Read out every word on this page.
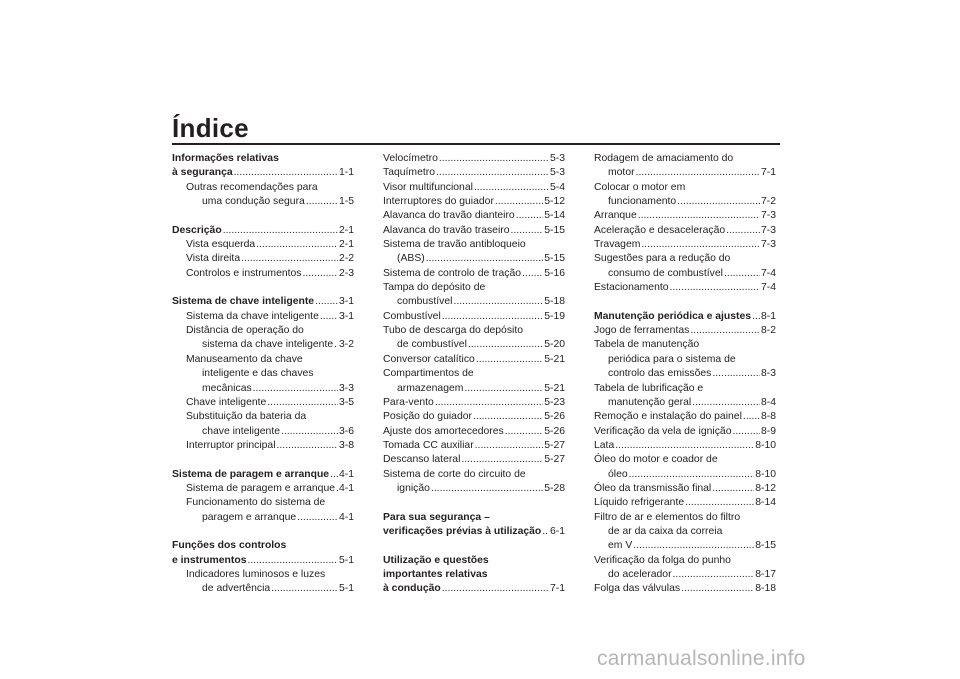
Índice
Informações relativas
à segurança .....	1-1
Outras recomendações para
uma condução segura .....	1-5
Descrição .....	2-1
Vista esquerda .....	2-1
Vista direita .....	2-2
Controlos e instrumentos .....	2-3
Sistema de chave inteligente ..... 3-1
Sistema da chave inteligente ..... 3-1
Distância de operação do
sistema da chave inteligente ..... 3-2
Manuseamento da chave
inteligente e das chaves
mecânicas .....	3-3
Chave inteligente .....	3-5
Substituição da bateria da
chave inteligente .....	3-6
Interruptor principal .....	3-8
Sistema de paragem e arranque ..... 4-1
Sistema de paragem e arranque ..... 4-1
Funcionamento do sistema de
paragem e arranque .....	4-1
Funções dos controlos
e instrumentos .....	5-1
Indicadores luminosos e luzes
de advertência .....	5-1
Velocímetro .....	5-3
Taquímetro .....	5-3
Visor multifuncional .....	5-4
Interruptores do guiador .....	5-12
Alavanca do travão dianteiro .....	5-14
Alavanca do travão traseiro .....	5-15
Sistema de travão antibloqueio
(ABS) .....	5-15
Sistema de controlo de tração ..... 5-16
Tampa do depósito de
combustível .....	5-18
Combustível .....	5-19
Tubo de descarga do depósito
de combustível .....	5-20
Conversor catalítico .....	5-21
Compartimentos de
armazenagem .....	5-21
Para-vento .....	5-23
Posição do guiador .....	5-26
Ajuste dos amortecedores .....	5-26
Tomada CC auxiliar .....	5-27
Descanso lateral .....	5-27
Sistema de corte do circuito de
ignição .....	5-28
Para sua segurança –
verificações prévias à utilização ..... 6-1
Utilização e questões
importantes relativas
à condução .....	7-1
Rodagem de amaciamento do
motor .....	7-1
Colocar o motor em
funcionamento .....	7-2
Arranque .....	7-3
Aceleração e desaceleração .....	7-3
Travagem .....	7-3
Sugestões para a redução do
consumo de combustível .....	7-4
Estacionamento .....	7-4
Manutenção periódica e ajustes ..... 8-1
Jogo de ferramentas .....	8-2
Tabela de manutenção
periódica para o sistema de
controlo das emissões .....	8-3
Tabela de lubrificação e
manutenção geral .....	8-4
Remoção e instalação do painel ..... 8-8
Verificação da vela de ignição .....	8-9
Lata .....	8-10
Óleo do motor e coador de
óleo .....	8-10
Óleo da transmissão final .....	8-12
Líquido refrigerante .....	8-14
Filtro de ar e elementos do filtro
de ar da caixa da correia
em V .....	8-15
Verificação da folga do punho
do acelerador .....	8-17
Folga das válvulas .....	8-18
carmanualsonline.info
